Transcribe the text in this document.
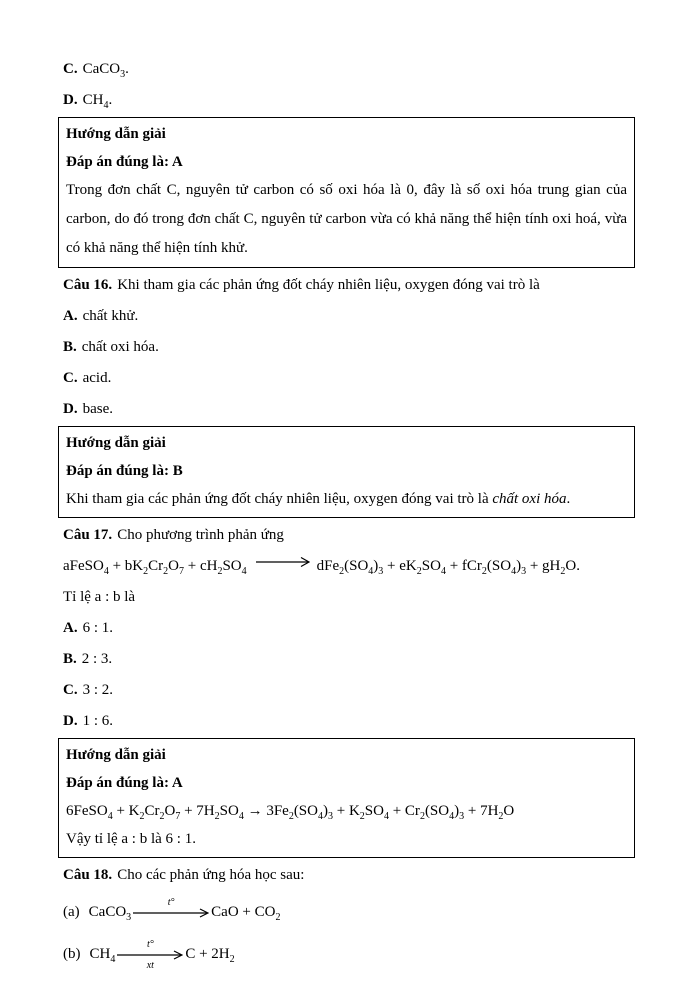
C. CaCO$_3$.

D. $CH_4$.

Hướng dẫn giải

Đáp án đúng là: A

Trong đơn chất C, nguyên tử carbon có số oxi hóa là 0, đây là số oxi hóa trung gian của carbon, do đó trong đơn chất C, nguyên tử carbon vừa có khả năng thể hiện tính oxi hoá, vừa có khả năng thể hiện tính khử.

Câu 16. Khi tham gia các phản ứng đốt cháy nhiên liệu, oxygen đóng vai trò là

A. chất khử.

B. chất oxi hóa.

C. acid.

D. base.

Hướng dẫn giải

Đáp án đúng là: B

Khi tham gia các phản ứng đốt cháy nhiên liệu, oxygen đóng vai trò là chất oxi hóa.

Câu 17. Cho phương trình phản ứng

aFeSO$_4$ + $bK_2Cr_2O_7 + cH_2SO_4$	$dFe_2(SO_4)_3 + eK_2SO_4 + fCr_2(SO_4)_3 + gH_2O$.

Tỉ lệ a : b là

A. 6 : 1.

B. 2 : 3.

C. 3 : 2.

D. 1 : 6.

Hướng dẫn giải

Đáp án đúng là: A

6FeSO$_4$ + $K_2Cr_2O_7 + 7H_2SO_4 \to 3Fe_2(SO_4)_3 + K_2SO_4 + Cr_2(SO_4)_3 + 7H_2O$

Vậy tỉ lệ a : b là 6 : 1.

Câu 18. Cho các phản ứng hóa học sau:

(a) CaCO$_3$
t°
CaO + $CO_2$

(b) $CH_4$
t°
xt
$C + 2H_2$
